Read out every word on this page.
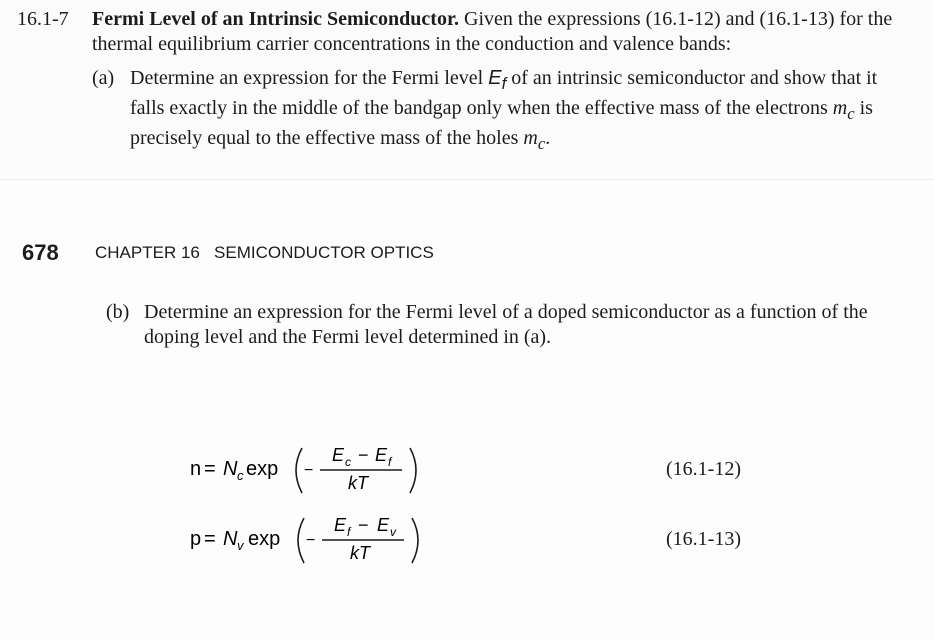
16.1-7 Fermi Level of an Intrinsic Semiconductor. Given the expressions (16.1-12) and (16.1-13) for the thermal equilibrium carrier concentrations in the conduction and valence bands:
(a) Determine an expression for the Fermi level $E_f$ of an intrinsic semiconductor and show that it falls exactly in the middle of the bandgap only when the effective mass of the electrons $m_c$ is precisely equal to the effective mass of the holes $m_c$.
678 CHAPTER 16 SEMICONDUCTOR OPTICS
(b) Determine an expression for the Fermi level of a doped semiconductor as a function of the doping level and the Fermi level determined in (a).
n = N c exp −
E c − E f
kT
(16.1-12)
p = N v exp −
E f − E v
kT
(16.1-13)
